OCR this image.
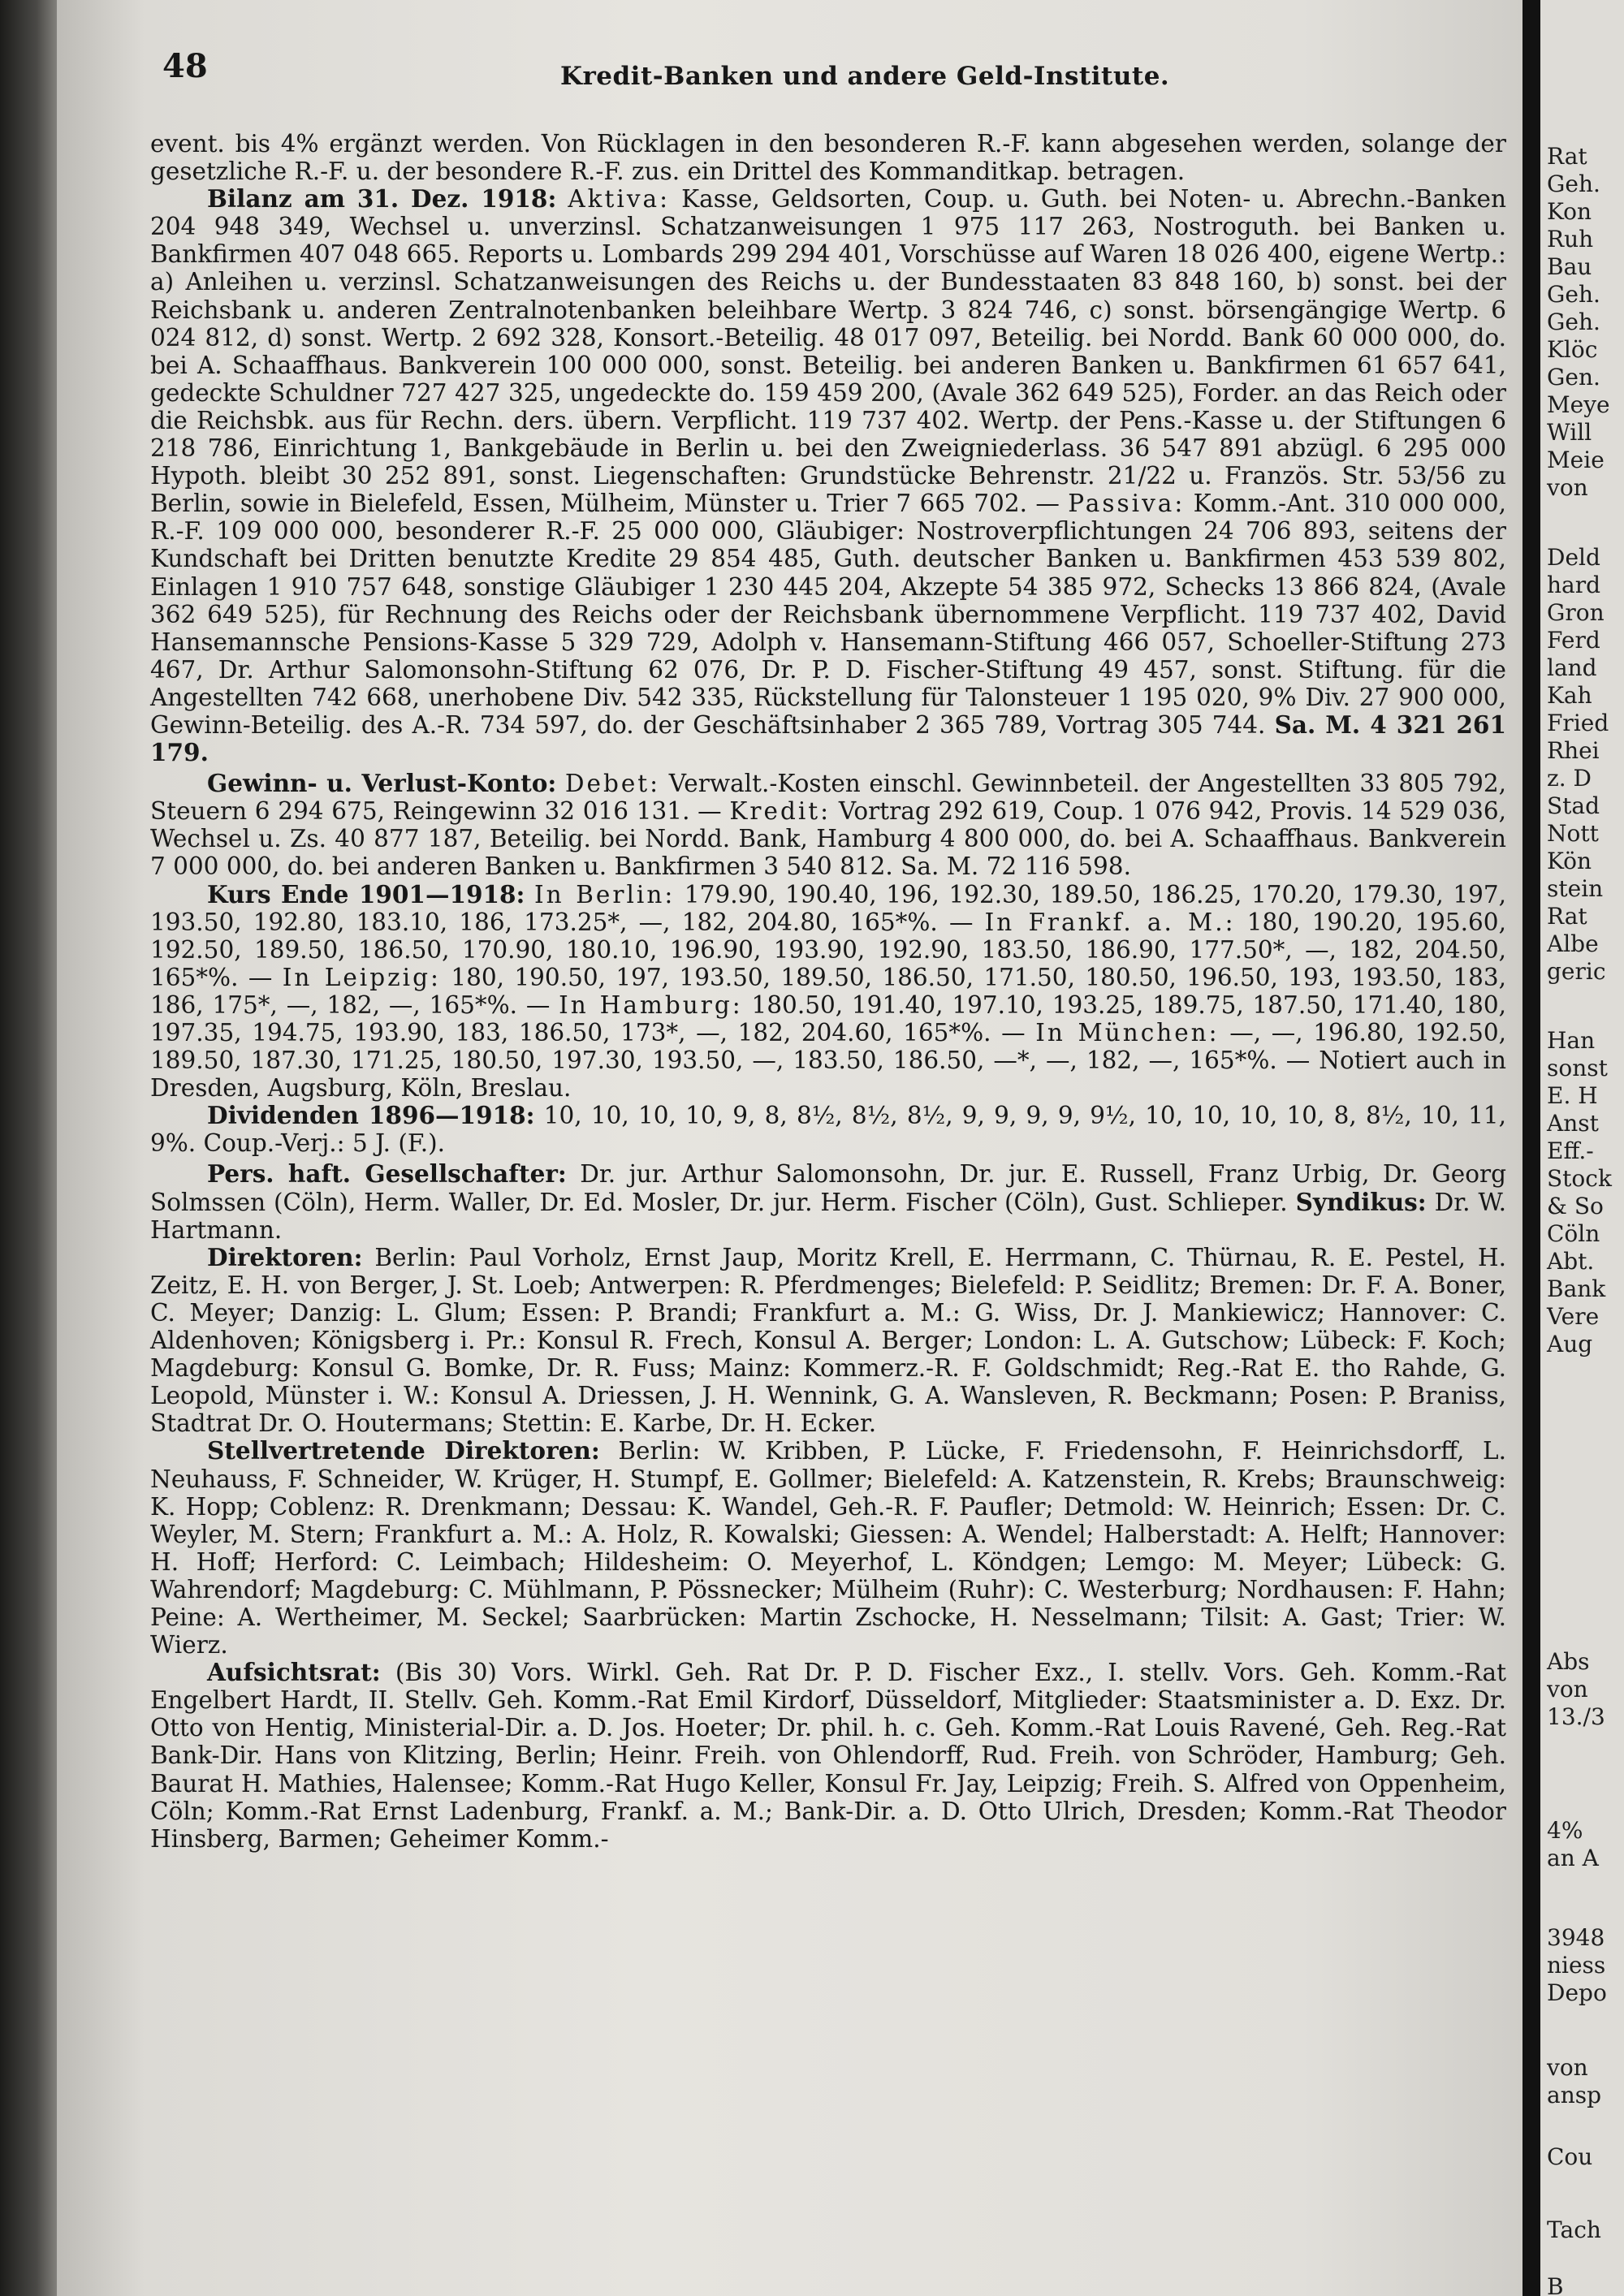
48	Kredit-Banken und andere Geld-Institute.

event. bis 4% ergänzt werden. Von Rücklagen in den besonderen R.-F. kann abgesehen werden, solange der gesetzliche R.-F. u. der besondere R.-F. zus. ein Drittel des Kommanditkap. betragen.

Bilanz am 31. Dez. 1918: Aktiva: Kasse, Geldsorten, Coup. u. Guth. bei Noten- u. Abrechn.-Banken 204 948 349, Wechsel u. unverzinsl. Schatzanweisungen 1 975 117 263, Nostroguth. bei Banken u. Bankfirmen 407 048 665. Reports u. Lombards 299 294 401, Vorschüsse auf Waren 18 026 400, eigene Wertp.: a) Anleihen u. verzinsl. Schatzanweisungen des Reichs u. der Bundesstaaten 83 848 160, b) sonst. bei der Reichsbank u. anderen Zentralnotenbanken beleihbare Wertp. 3 824 746, c) sonst. börsengängige Wertp. 6 024 812, d) sonst. Wertp. 2 692 328, Konsort.-Beteilig. 48 017 097, Beteilig. bei Nordd. Bank 60 000 000, do. bei A. Schaaffhaus. Bankverein 100 000 000, sonst. Beteilig. bei anderen Banken u. Bankfirmen 61 657 641, gedeckte Schuldner 727 427 325, ungedeckte do. 159 459 200, (Avale 362 649 525), Forder. an das Reich oder die Reichsbk. aus für Rechn. ders. übern. Verpflicht. 119 737 402. Wertp. der Pens.-Kasse u. der Stiftungen 6 218 786, Einrichtung 1, Bankgebäude in Berlin u. bei den Zweigniederlass. 36 547 891 abzügl. 6 295 000 Hypoth. bleibt 30 252 891, sonst. Liegenschaften: Grundstücke Behrenstr. 21/22 u. Französ. Str. 53/56 zu Berlin, sowie in Bielefeld, Essen, Mülheim, Münster u. Trier 7 665 702. — Passiva: Komm.-Ant. 310 000 000, R.-F. 109 000 000, besonderer R.-F. 25 000 000, Gläubiger: Nostroverpflichtungen 24 706 893, seitens der Kundschaft bei Dritten benutzte Kredite 29 854 485, Guth. deutscher Banken u. Bankfirmen 453 539 802, Einlagen 1 910 757 648, sonstige Gläubiger 1 230 445 204, Akzepte 54 385 972, Schecks 13 866 824, (Avale 362 649 525), für Rechnung des Reichs oder der Reichsbank übernommene Verpflicht. 119 737 402, David Hansemannsche Pensions-Kasse 5 329 729, Adolph v. Hansemann-Stiftung 466 057, Schoeller-Stiftung 273 467, Dr. Arthur Salomonsohn-Stiftung 62 076, Dr. P. D. Fischer-Stiftung 49 457, sonst. Stiftung. für die Angestellten 742 668, unerhobene Div. 542 335, Rückstellung für Talonsteuer 1 195 020, 9% Div. 27 900 000, Gewinn-Beteilig. des A.-R. 734 597, do. der Geschäftsinhaber 2 365 789, Vortrag 305 744. Sa. M. 4 321 261 179.

Gewinn- u. Verlust-Konto: Debet: Verwalt.-Kosten einschl. Gewinnbeteil. der Angestellten 33 805 792, Steuern 6 294 675, Reingewinn 32 016 131. — Kredit: Vortrag 292 619, Coup. 1 076 942, Provis. 14 529 036, Wechsel u. Zs. 40 877 187, Beteilig. bei Nordd. Bank, Hamburg 4 800 000, do. bei A. Schaaffhaus. Bankverein 7 000 000, do. bei anderen Banken u. Bankfirmen 3 540 812. Sa. M. 72 116 598.

Kurs Ende 1901—1918: In Berlin: 179.90, 190.40, 196, 192.30, 189.50, 186.25, 170.20, 179.30, 197, 193.50, 192.80, 183.10, 186, 173.25*, —, 182, 204.80, 165*%. — In Frankf. a. M.: 180, 190.20, 195.60, 192.50, 189.50, 186.50, 170.90, 180.10, 196.90, 193.90, 192.90, 183.50, 186.90, 177.50*, —, 182, 204.50, 165*%. — In Leipzig: 180, 190.50, 197, 193.50, 189.50, 186.50, 171.50, 180.50, 196.50, 193, 193.50, 183, 186, 175*, —, 182, —, 165*%. — In Hamburg: 180.50, 191.40, 197.10, 193.25, 189.75, 187.50, 171.40, 180, 197.35, 194.75, 193.90, 183, 186.50, 173*, —, 182, 204.60, 165*%. — In München: —, —, 196.80, 192.50, 189.50, 187.30, 171.25, 180.50, 197.30, 193.50, —, 183.50, 186.50, —*, —, 182, —, 165*%. — Notiert auch in Dresden, Augsburg, Köln, Breslau.

Dividenden 1896—1918: 10, 10, 10, 10, 9, 8, 8½, 8½, 8½, 9, 9, 9, 9, 9½, 10, 10, 10, 10, 8, 8½, 10, 11, 9%. Coup.-Verj.: 5 J. (F.).

Pers. haft. Gesellschafter: Dr. jur. Arthur Salomonsohn, Dr. jur. E. Russell, Franz Urbig, Dr. Georg Solmssen (Cöln), Herm. Waller, Dr. Ed. Mosler, Dr. jur. Herm. Fischer (Cöln), Gust. Schlieper. Syndikus: Dr. W. Hartmann.

Direktoren: Berlin: Paul Vorholz, Ernst Jaup, Moritz Krell, E. Herrmann, C. Thürnau, R. E. Pestel, H. Zeitz, E. H. von Berger, J. St. Loeb; Antwerpen: R. Pferdmenges; Bielefeld: P. Seidlitz; Bremen: Dr. F. A. Boner, C. Meyer; Danzig: L. Glum; Essen: P. Brandi; Frankfurt a. M.: G. Wiss, Dr. J. Mankiewicz; Hannover: C. Aldenhoven; Königsberg i. Pr.: Konsul R. Frech, Konsul A. Berger; London: L. A. Gutschow; Lübeck: F. Koch; Magdeburg: Konsul G. Bomke, Dr. R. Fuss; Mainz: Kommerz.-R. F. Goldschmidt; Reg.-Rat E. tho Rahde, G. Leopold, Münster i. W.: Konsul A. Driessen, J. H. Wennink, G. A. Wansleven, R. Beckmann; Posen: P. Braniss, Stadtrat Dr. O. Houtermans; Stettin: E. Karbe, Dr. H. Ecker.

Stellvertretende Direktoren: Berlin: W. Kribben, P. Lücke, F. Friedensohn, F. Heinrichsdorff, L. Neuhauss, F. Schneider, W. Krüger, H. Stumpf, E. Gollmer; Bielefeld: A. Katzenstein, R. Krebs; Braunschweig: K. Hopp; Coblenz: R. Drenkmann; Dessau: K. Wandel, Geh.-R. F. Paufler; Detmold: W. Heinrich; Essen: Dr. C. Weyler, M. Stern; Frankfurt a. M.: A. Holz, R. Kowalski; Giessen: A. Wendel; Halberstadt: A. Helft; Hannover: H. Hoff; Herford: C. Leimbach; Hildesheim: O. Meyerhof, L. Köndgen; Lemgo: M. Meyer; Lübeck: G. Wahrendorf; Magdeburg: C. Mühlmann, P. Pössnecker; Mülheim (Ruhr): C. Westerburg; Nordhausen: F. Hahn; Peine: A. Wertheimer, M. Seckel; Saarbrücken: Martin Zschocke, H. Nesselmann; Tilsit: A. Gast; Trier: W. Wierz.

Aufsichtsrat: (Bis 30) Vors. Wirkl. Geh. Rat Dr. P. D. Fischer Exz., I. stellv. Vors. Geh. Komm.-Rat Engelbert Hardt, II. Stellv. Geh. Komm.-Rat Emil Kirdorf, Düsseldorf, Mitglieder: Staatsminister a. D. Exz. Dr. Otto von Hentig, Ministerial-Dir. a. D. Jos. Hoeter; Dr. phil. h. c. Geh. Komm.-Rat Louis Ravené, Geh. Reg.-Rat Bank-Dir. Hans von Klitzing, Berlin; Heinr. Freih. von Ohlendorff, Rud. Freih. von Schröder, Hamburg; Geh. Baurat H. Mathies, Halensee; Komm.-Rat Hugo Keller, Konsul Fr. Jay, Leipzig; Freih. S. Alfred von Oppenheim, Cöln; Komm.-Rat Ernst Ladenburg, Frankf. a. M.; Bank-Dir. a. D. Otto Ulrich, Dresden; Komm.-Rat Theodor Hinsberg, Barmen; Geheimer Komm.-

Rat
Geh.
Kon
Ruh
Bau
Geh.
Geh.
Klöc
Gen.
Meye
Will
Meie
von
Deld
hard
Gron
Ferd
land
Kah
Fried
Rhei
z. D
Stad
Nott
Kön
stein
Rat
Albe
geric
Han
sonst
E. H
Anst
Eff.-
Stock
& So
Cöln
Abt.
Bank
Vere
Aug
Abs
von
13./3
4%
an A
3948
niess
Depo
von
ansp
Cou
Tach
B
